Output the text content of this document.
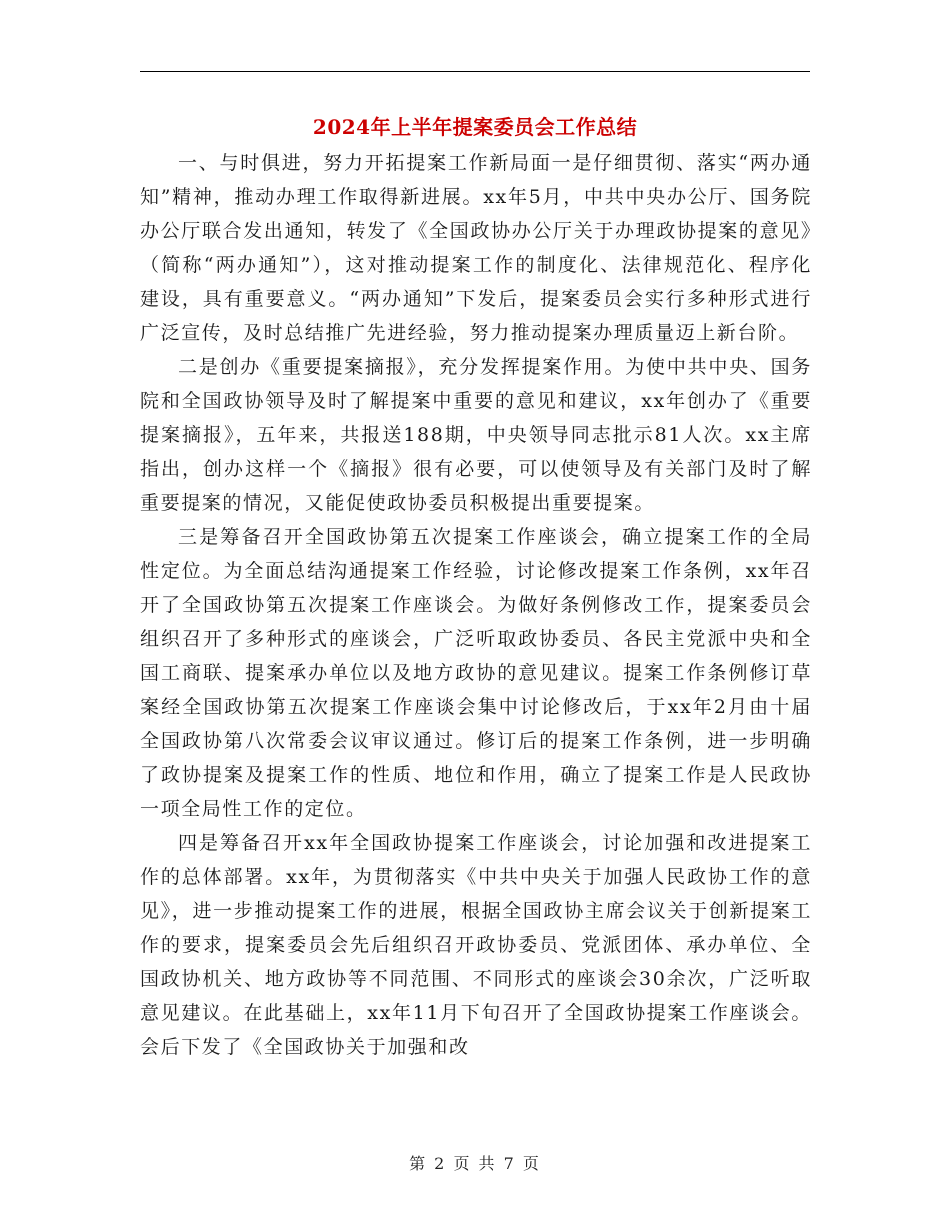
2024年上半年提案委员会工作总结

一、与时俱进，努力开拓提案工作新局面一是仔细贯彻、落实“两办通知”精神，推动办理工作取得新进展。xx年5月，中共中央办公厅、国务院办公厅联合发出通知，转发了《全国政协办公厅关于办理政协提案的意见》（简称“两办通知”），这对推动提案工作的制度化、法律规范化、程序化建设，具有重要意义。“两办通知”下发后，提案委员会实行多种形式进行广泛宣传，及时总结推广先进经验，努力推动提案办理质量迈上新台阶。

二是创办《重要提案摘报》，充分发挥提案作用。为使中共中央、国务院和全国政协领导及时了解提案中重要的意见和建议，xx年创办了《重要提案摘报》，五年来，共报送188期，中央领导同志批示81人次。xx主席指出，创办这样一个《摘报》很有必要，可以使领导及有关部门及时了解重要提案的情况，又能促使政协委员积极提出重要提案。

三是筹备召开全国政协第五次提案工作座谈会，确立提案工作的全局性定位。为全面总结沟通提案工作经验，讨论修改提案工作条例，xx年召开了全国政协第五次提案工作座谈会。为做好条例修改工作，提案委员会组织召开了多种形式的座谈会，广泛听取政协委员、各民主党派中央和全国工商联、提案承办单位以及地方政协的意见建议。提案工作条例修订草案经全国政协第五次提案工作座谈会集中讨论修改后，于xx年2月由十届全国政协第八次常委会议审议通过。修订后的提案工作条例，进一步明确了政协提案及提案工作的性质、地位和作用，确立了提案工作是人民政协一项全局性工作的定位。

四是筹备召开xx年全国政协提案工作座谈会，讨论加强和改进提案工作的总体部署。xx年，为贯彻落实《中共中央关于加强人民政协工作的意见》，进一步推动提案工作的进展，根据全国政协主席会议关于创新提案工作的要求，提案委员会先后组织召开政协委员、党派团体、承办单位、全国政协机关、地方政协等不同范围、不同形式的座谈会30余次，广泛听取意见建议。在此基础上，xx年11月下旬召开了全国政协提案工作座谈会。会后下发了《全国政协关于加强和改

第 2 页 共 7 页
